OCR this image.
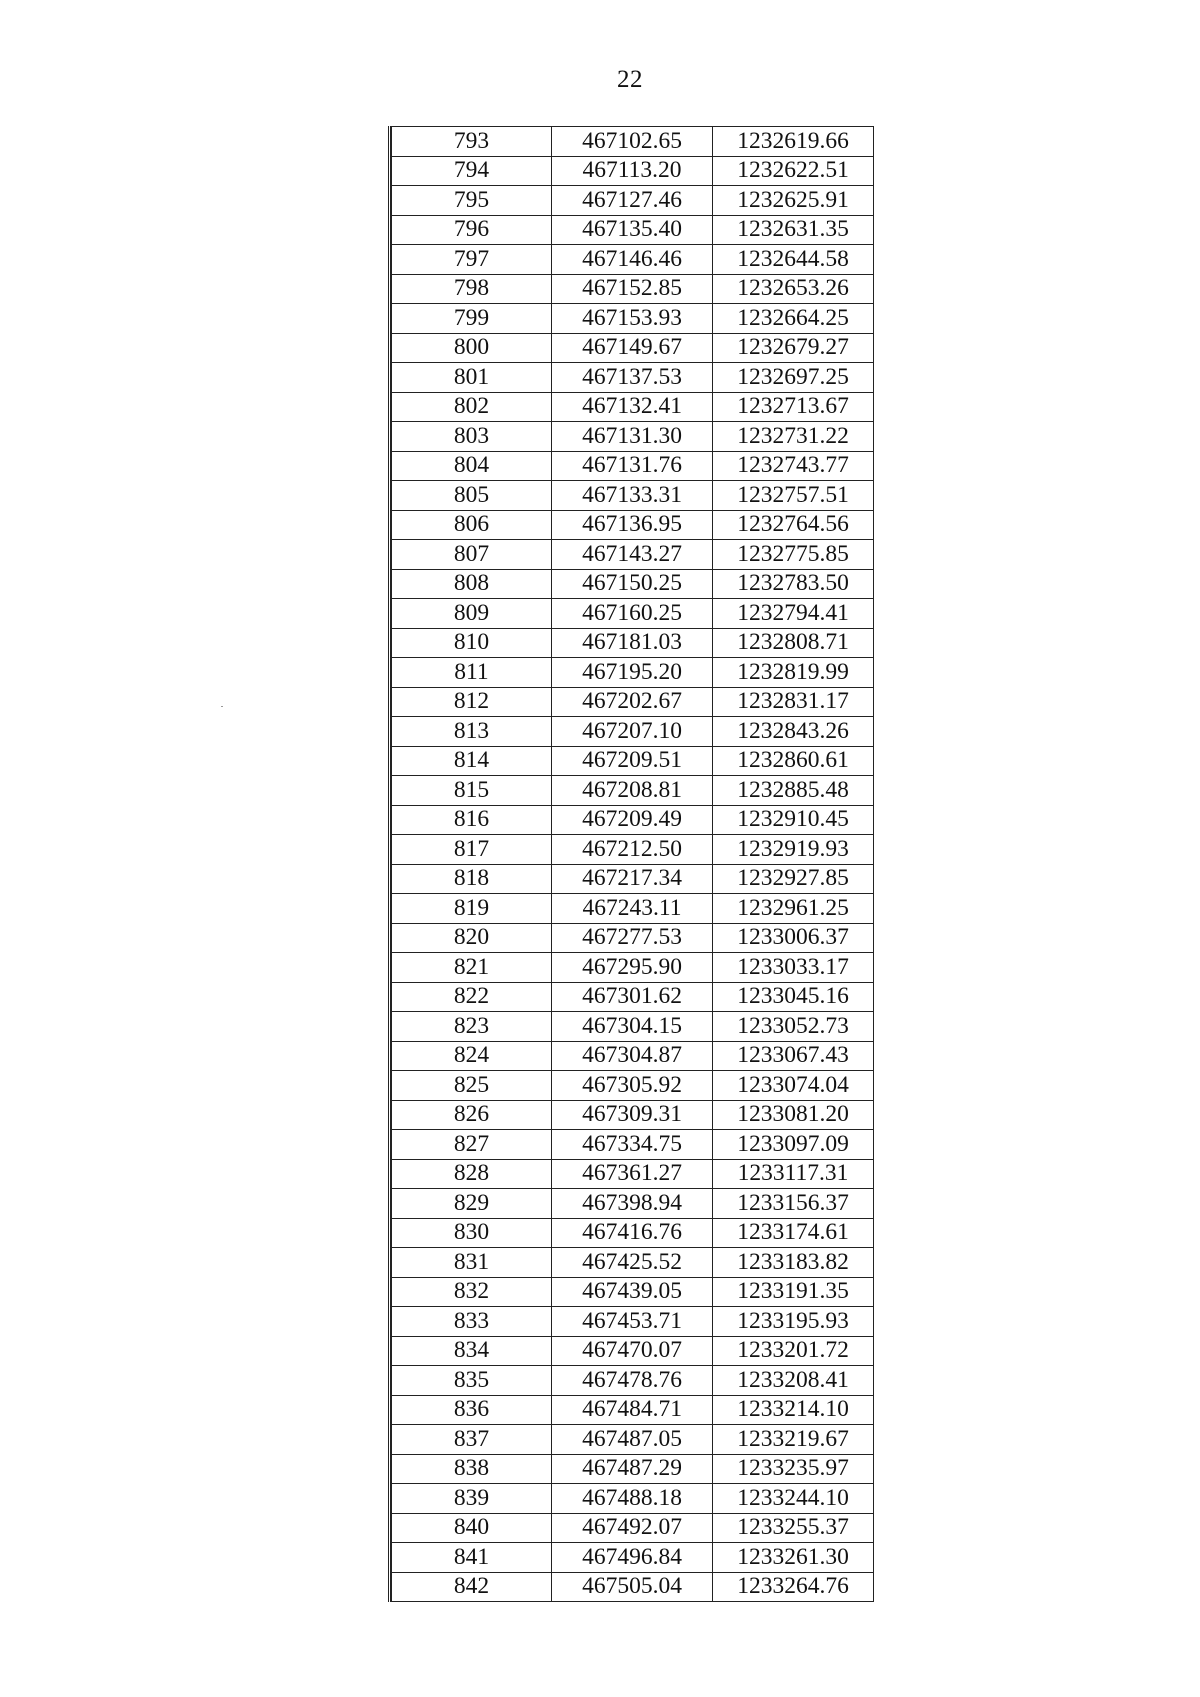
22
793	467102.65	1232619.66
794	467113.20	1232622.51
795	467127.46	1232625.91
796	467135.40	1232631.35
797	467146.46	1232644.58
798	467152.85	1232653.26
799	467153.93	1232664.25
800	467149.67	1232679.27
801	467137.53	1232697.25
802	467132.41	1232713.67
803	467131.30	1232731.22
804	467131.76	1232743.77
805	467133.31	1232757.51
806	467136.95	1232764.56
807	467143.27	1232775.85
808	467150.25	1232783.50
809	467160.25	1232794.41
810	467181.03	1232808.71
811	467195.20	1232819.99
812	467202.67	1232831.17
813	467207.10	1232843.26
814	467209.51	1232860.61
815	467208.81	1232885.48
816	467209.49	1232910.45
817	467212.50	1232919.93
818	467217.34	1232927.85
819	467243.11	1232961.25
820	467277.53	1233006.37
821	467295.90	1233033.17
822	467301.62	1233045.16
823	467304.15	1233052.73
824	467304.87	1233067.43
825	467305.92	1233074.04
826	467309.31	1233081.20
827	467334.75	1233097.09
828	467361.27	1233117.31
829	467398.94	1233156.37
830	467416.76	1233174.61
831	467425.52	1233183.82
832	467439.05	1233191.35
833	467453.71	1233195.93
834	467470.07	1233201.72
835	467478.76	1233208.41
836	467484.71	1233214.10
837	467487.05	1233219.67
838	467487.29	1233235.97
839	467488.18	1233244.10
840	467492.07	1233255.37
841	467496.84	1233261.30
842	467505.04	1233264.76
